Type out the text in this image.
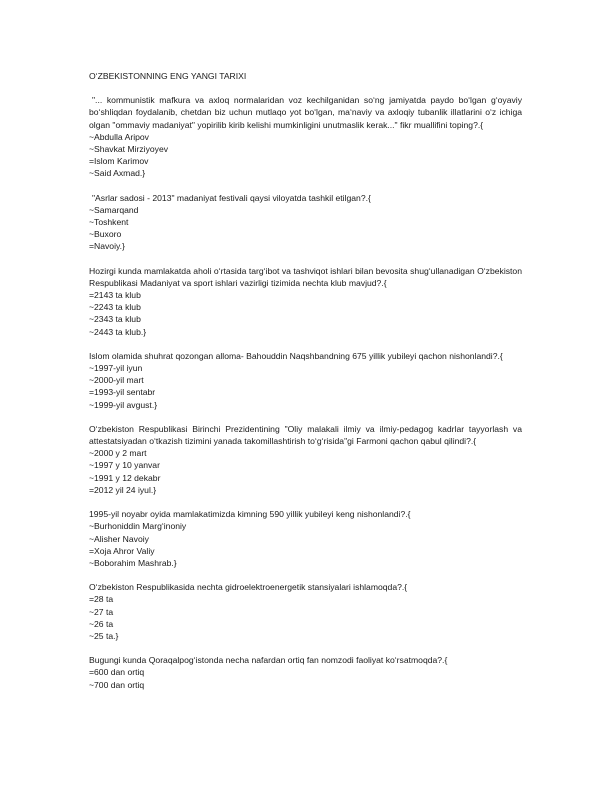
O‘ZBEKISTONNING ENG YANGI TARIXI
"... kommunistik mafkura va axloq normalaridan voz kechilganidan so‘ng jamiyatda paydo bo‘lgan g‘oyaviy bo‘shliqdan foydalanib, chetdan biz uchun mutlaqo yot bo‘lgan, ma‘naviy va axloqiy tubanlik illatlarini o‘z ichiga olgan "ommaviy madaniyat" yopirilib kirib kelishi mumkinligini unutmaslik kerak..." fikr muallifini toping?.{
~Abdulla Aripov
~Shavkat Mirziyoyev
=Islom Karimov
~Said Axmad.}
"Asrlar sadosi - 2013" madaniyat festivali qaysi viloyatda tashkil etilgan?.{
~Samarqand
~Toshkent
~Buxoro
=Navoiy.}
Hozirgi kunda mamlakatda aholi o‘rtasida targ‘ibot va tashviqot ishlari bilan bevosita shug‘ullanadigan O‘zbekiston Respublikasi Madaniyat va sport ishlari vazirligi tizimida nechta klub mavjud?.{
=2143 ta klub
~2243 ta klub
~2343 ta klub
~2443 ta klub.}
Islom olamida shuhrat qozongan alloma- Bahouddin Naqshbandning 675 yillik yubileyi qachon nishonlandi?.{
~1997-yil iyun
~2000-yil mart
=1993-yil sentabr
~1999-yil avgust.}
O‘zbekiston Respublikasi Birinchi Prezidentining "Oliy malakali ilmiy va ilmiy-pedagog kadrlar tayyorlash va attestatsiyadan o‘tkazish tizimini yanada takomillashtirish to‘g‘risida"gi Farmoni qachon qabul qilindi?.{
~2000 y 2 mart
~1997 y 10 yanvar
~1991 y 12 dekabr
=2012 yil 24 iyul.}
1995-yil noyabr oyida mamlakatimizda kimning 590 yillik yubileyi keng nishonlandi?.{
~Burhoniddin Marg‘inoniy
~Alisher Navoiy
=Xoja Ahror Valiy
~Boborahim Mashrab.}
O‘zbekiston Respublikasida nechta gidroelektroenergetik stansiyalari ishlamoqda?.{
=28 ta
~27 ta
~26 ta
~25 ta.}
Bugungi kunda Qoraqalpog‘istonda necha nafardan ortiq fan nomzodi faoliyat ko‘rsatmoqda?.{
=600 dan ortiq
~700 dan ortiq
